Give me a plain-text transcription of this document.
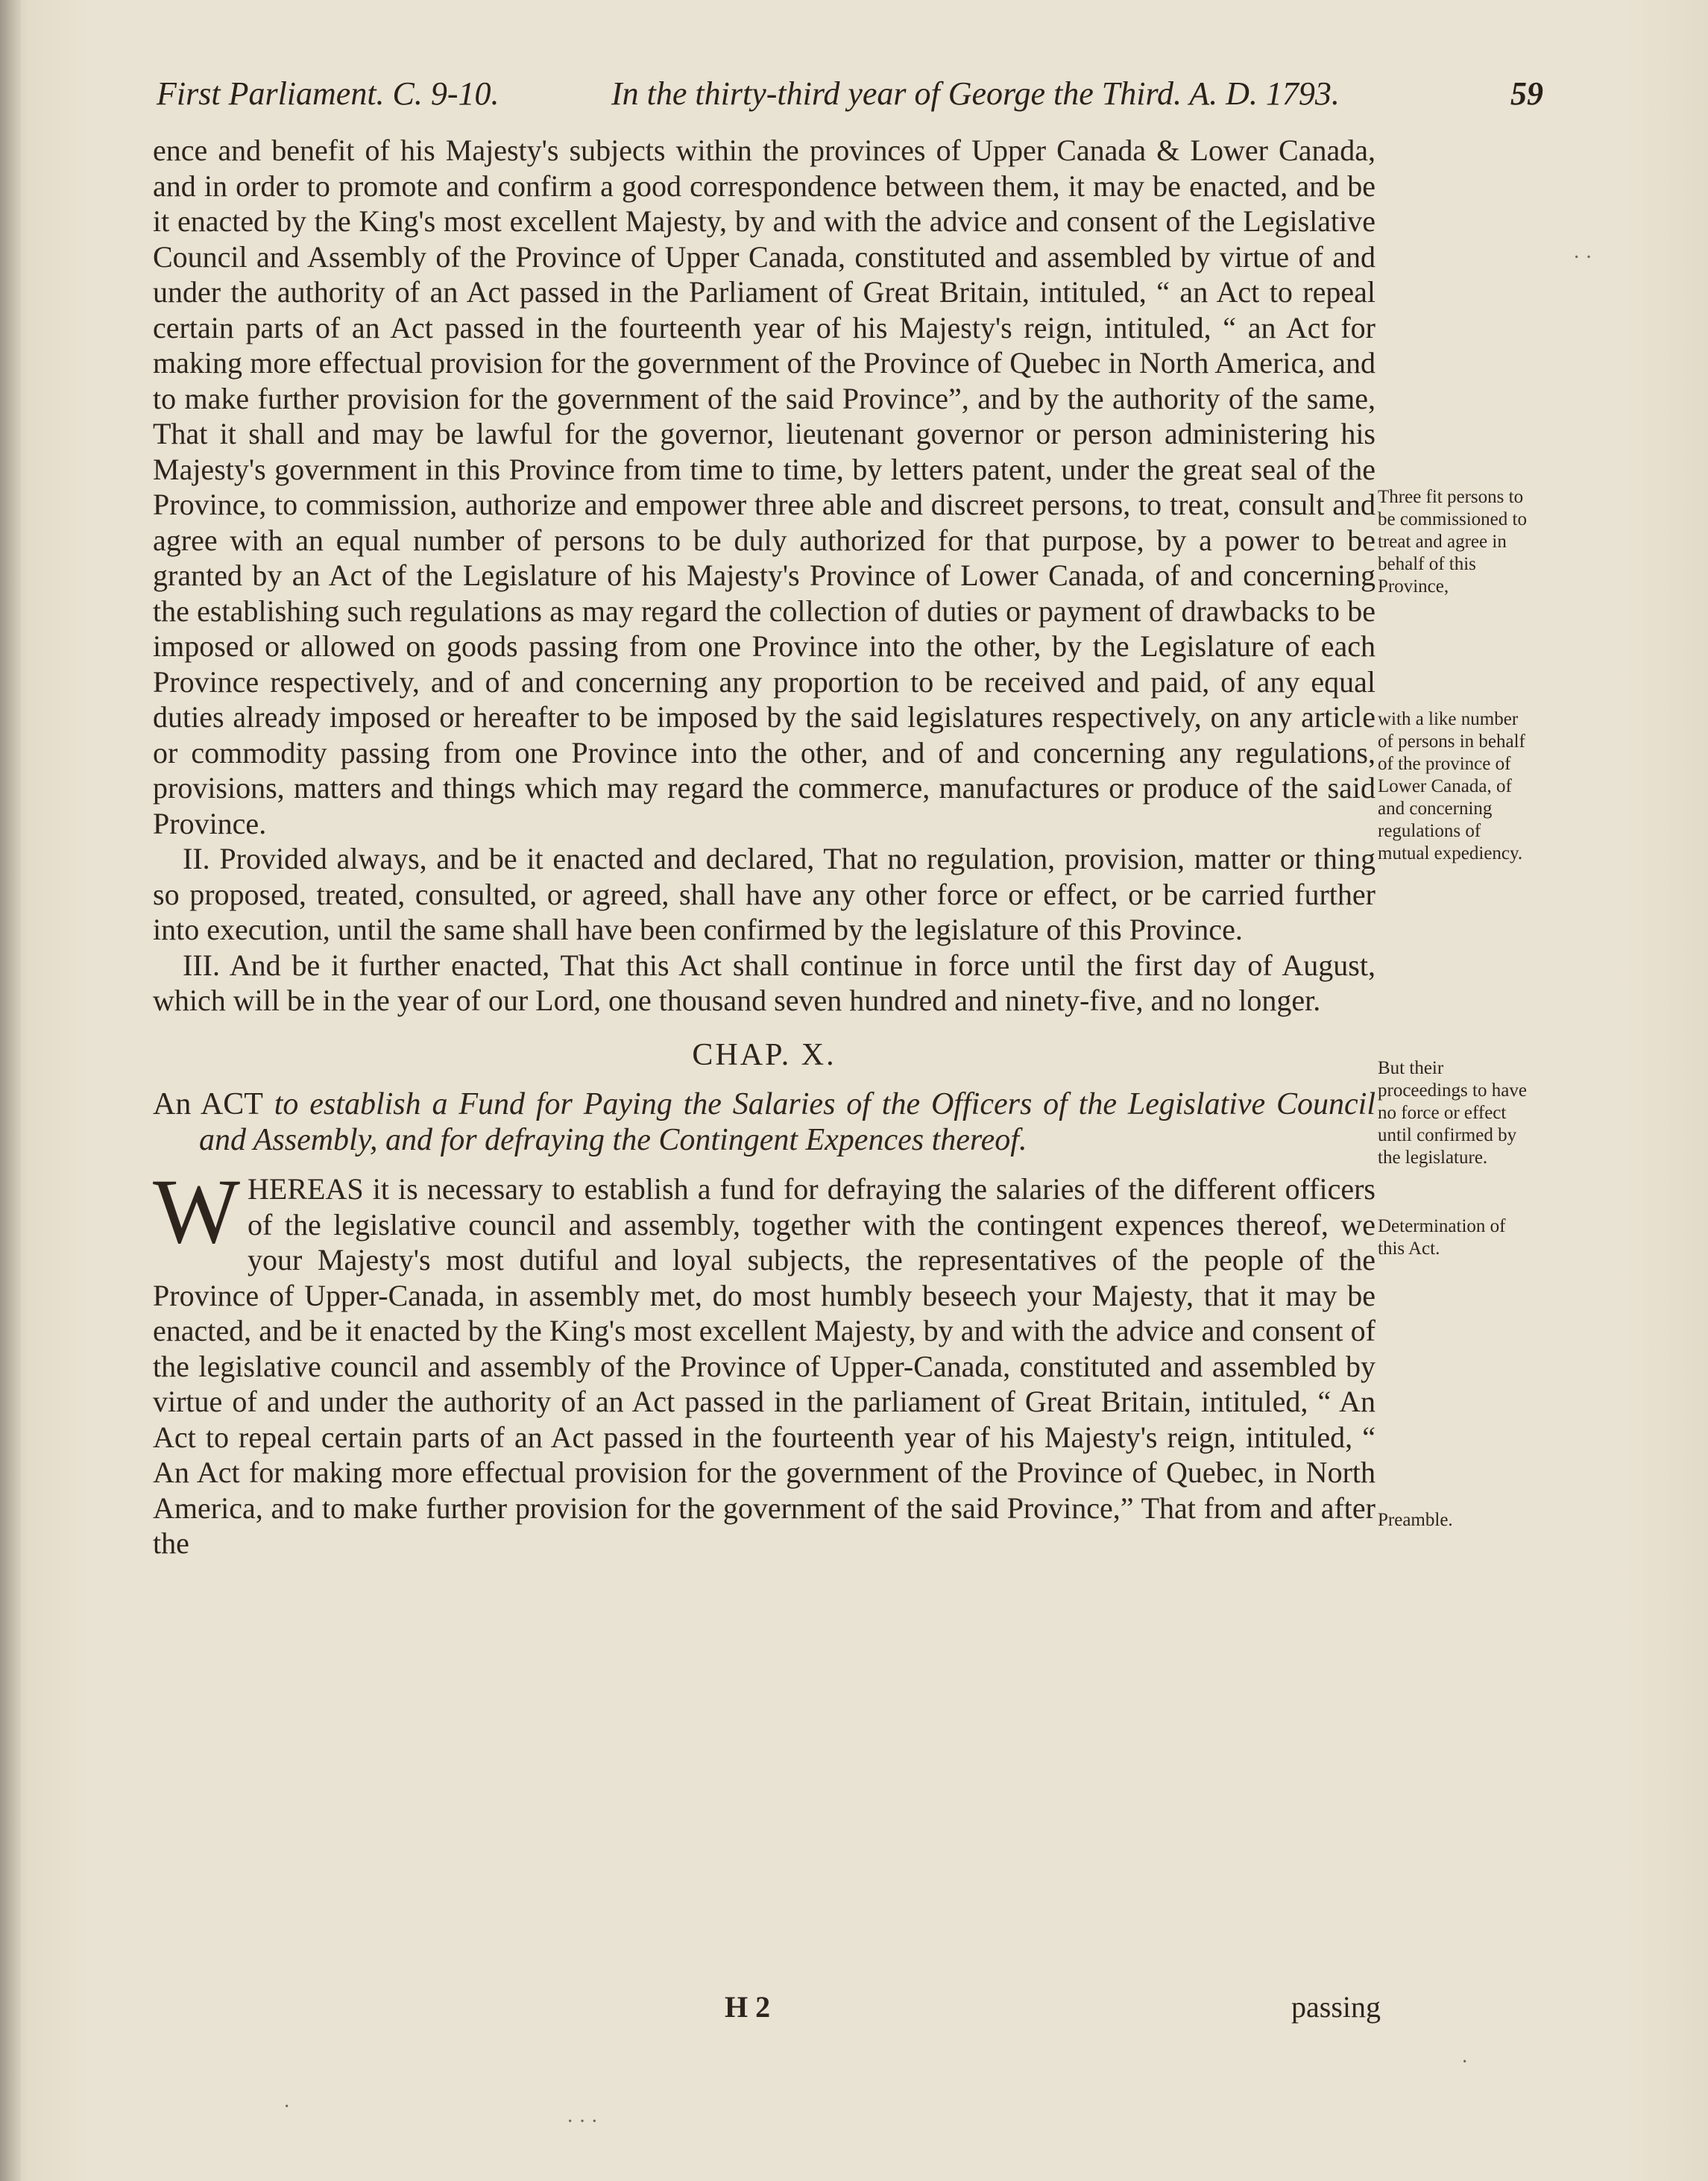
First Parliament. C. 9-10.	In the thirty-third year of George the Third. A. D. 1793.	59

ence and benefit of his Majesty's subjects within the provinces of Upper Canada & Lower Canada, and in order to promote and confirm a good correspondence between them, it may be enacted, and be it enacted by the King's most excellent Majesty, by and with the advice and consent of the Legislative Council and Assembly of the Province of Upper Canada, constituted and assembled by virtue of and under the authority of an Act passed in the Parliament of Great Britain, intituled, “ an Act to repeal certain parts of an Act passed in the fourteenth year of his Majesty's reign, intituled, “ an Act for making more effectual provision for the government of the Province of Quebec in North America, and to make further provision for the government of the said Province”, and by the authority of the same, That it shall and may be lawful for the governor, lieutenant governor or person administering his Majesty's government in this Province from time to time, by letters patent, under the great seal of the Province, to commission, authorize and empower three able and discreet persons, to treat, consult and agree with an equal number of persons to be duly authorized for that purpose, by a power to be granted by an Act of the Legislature of his Majesty's Province of Lower Canada, of and concerning the establishing such regulations as may regard the collection of duties or payment of drawbacks to be imposed or allowed on goods passing from one Province into the other, by the Legislature of each Province respectively, and of and concerning any proportion to be received and paid, of any equal duties already imposed or hereafter to be imposed by the said legislatures respectively, on any article or commodity passing from one Province into the other, and of and concerning any regulations, provisions, matters and things which may regard the commerce, manufactures or produce of the said Province.

II. Provided always, and be it enacted and declared, That no regulation, provision, matter or thing so proposed, treated, consulted, or agreed, shall have any other force or effect, or be carried further into execution, until the same shall have been confirmed by the legislature of this Province.

III. And be it further enacted, That this Act shall continue in force until the first day of August, which will be in the year of our Lord, one thousand seven hundred and ninety-five, and no longer.

CHAP. X.

An ACT to establish a Fund for Paying the Salaries of the Officers of the Legislative Council and Assembly, and for defraying the Contingent Expences thereof.

WHEREAS it is necessary to establish a fund for defraying the salaries of the different officers of the legislative council and assembly, together with the contingent expences thereof, we your Majesty's most dutiful and loyal subjects, the representatives of the people of the Province of Upper-Canada, in assembly met, do most humbly beseech your Majesty, that it may be enacted, and be it enacted by the King's most excellent Majesty, by and with the advice and consent of the legislative council and assembly of the Province of Upper-Canada, constituted and assembled by virtue of and under the authority of an Act passed in the parliament of Great Britain, intituled, “ An Act to repeal certain parts of an Act passed in the fourteenth year of his Majesty's reign, intituled, “ An Act for making more effectual provision for the government of the Province of Quebec, in North America, and to make further provision for the government of the said Province,” That from and after the

Three fit persons to be commissioned to treat and agree in behalf of this Province,
with a like number of persons in behalf of the province of Lower Canada, of and concerning regulations of mutual expediency.
But their proceedings to have no force or effect until confirmed by the legislature.
Determination of this Act.
Preamble.
H 2	passing
· ·
·
·
· · ·
